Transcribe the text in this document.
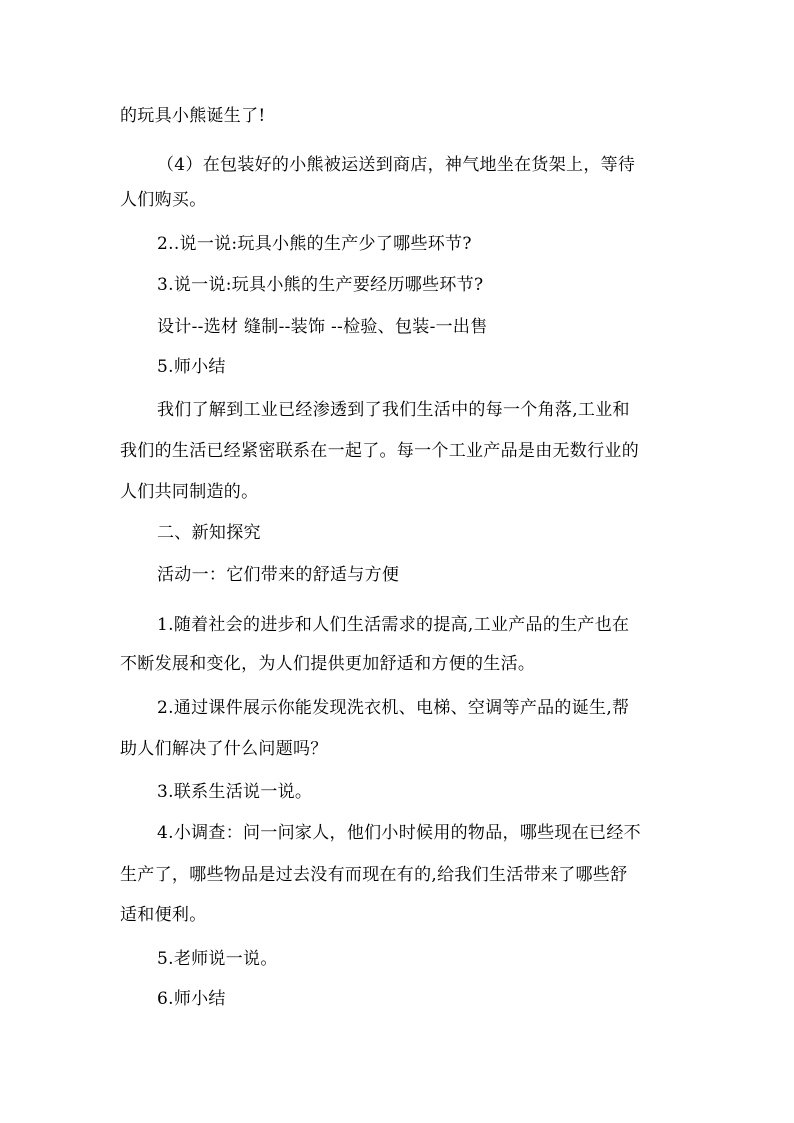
的玩具小熊诞生了!
（4）在包装好的小熊被运送到商店，神气地坐在货架上，等待
人们购买。
2..说一说:玩具小熊的生产少了哪些环节?
3.说一说:玩具小熊的生产要经历哪些环节?
设计--选材 缝制--装饰 --检验、包装-一出售
5.师小结
我们了解到工业已经渗透到了我们生活中的每一个角落,工业和
我们的生活已经紧密联系在一起了。每一个工业产品是由无数行业的
人们共同制造的。
二、新知探究
活动一：它们带来的舒适与方便
1.随着社会的进步和人们生活需求的提高,工业产品的生产也在
不断发展和变化，为人们提供更加舒适和方便的生活。
2.通过课件展示你能发现洗衣机、电梯、空调等产品的诞生,帮
助人们解决了什么问题吗？
3.联系生活说一说。
4.小调查：问一问家人，他们小时候用的物品，哪些现在已经不
生产了，哪些物品是过去没有而现在有的,给我们生活带来了哪些舒
适和便利。
5.老师说一说。
6.师小结
